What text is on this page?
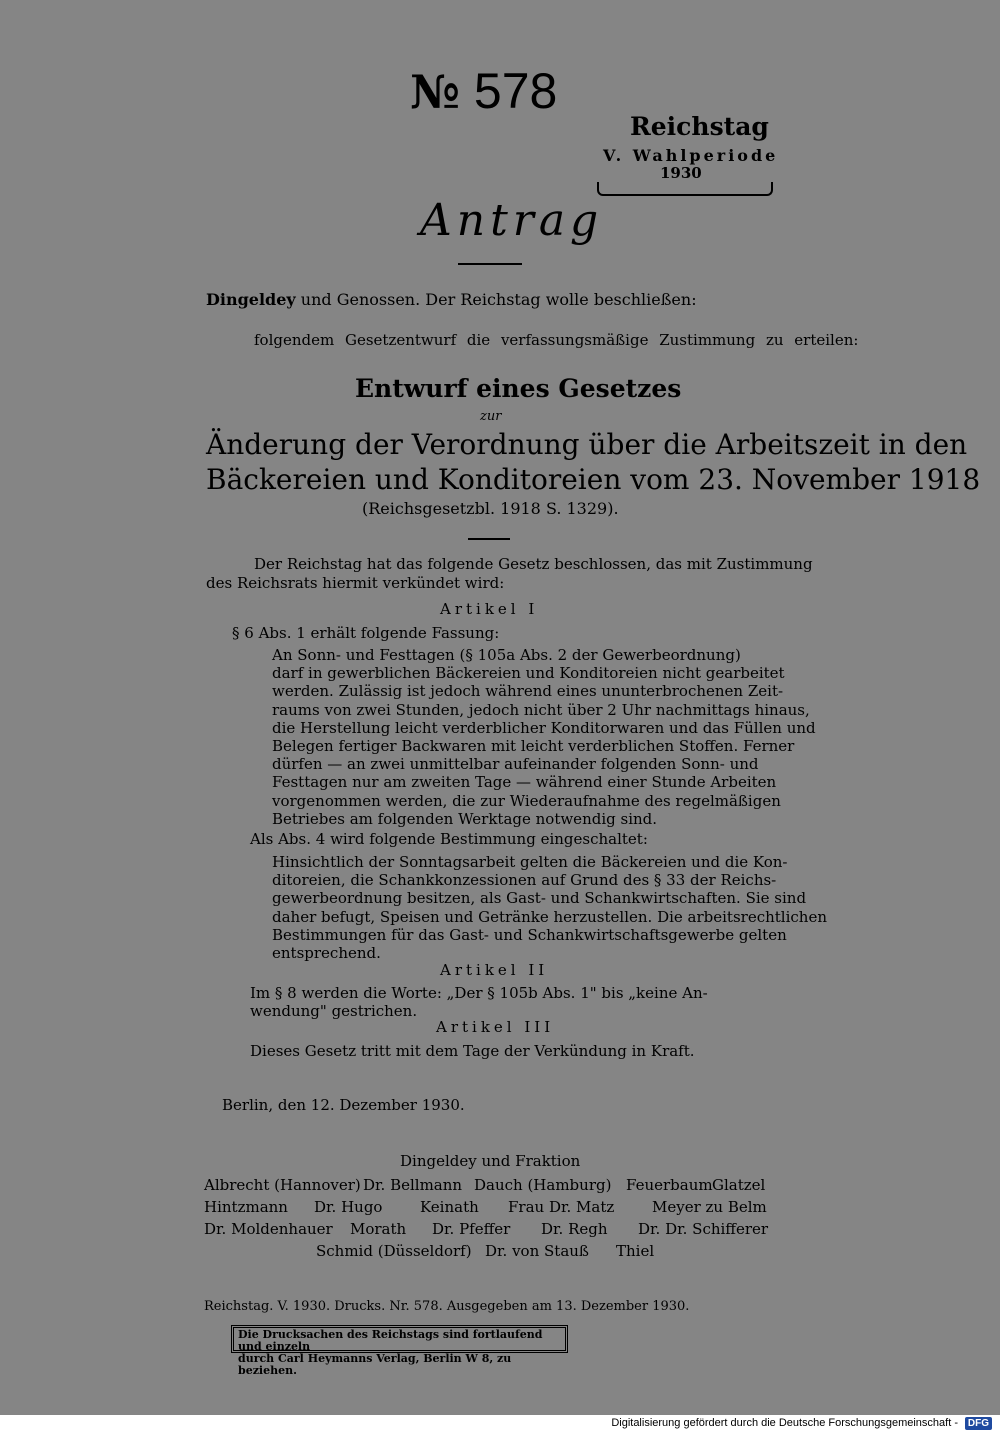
№ 578
Reichstag
V. Wahlperiode
1930
Antrag
Dingeldey und Genossen. Der Reichstag wolle beschließen:
folgendem Gesetzentwurf die verfassungsmäßige Zustimmung zu erteilen:
Entwurf eines Gesetzes
zur
Änderung der Verordnung über die Arbeitszeit in den
Bäckereien und Konditoreien vom 23. November 1918
(Reichsgesetzbl. 1918 S. 1329).
Der Reichstag hat das folgende Gesetz beschlossen, das mit Zustimmung
des Reichsrats hiermit verkündet wird:
Artikel I
§ 6 Abs. 1 erhält folgende Fassung:
An Sonn- und Festtagen (§ 105a Abs. 2 der Gewerbeordnung)
darf in gewerblichen Bäckereien und Konditoreien nicht gearbeitet
werden. Zulässig ist jedoch während eines ununterbrochenen Zeit-
raums von zwei Stunden, jedoch nicht über 2 Uhr nachmittags hinaus,
die Herstellung leicht verderblicher Konditorwaren und das Füllen und
Belegen fertiger Backwaren mit leicht verderblichen Stoffen. Ferner
dürfen — an zwei unmittelbar aufeinander folgenden Sonn- und
Festtagen nur am zweiten Tage — während einer Stunde Arbeiten
vorgenommen werden, die zur Wiederaufnahme des regelmäßigen
Betriebes am folgenden Werktage notwendig sind.
Als Abs. 4 wird folgende Bestimmung eingeschaltet:
Hinsichtlich der Sonntagsarbeit gelten die Bäckereien und die Kon-
ditoreien, die Schankkonzessionen auf Grund des § 33 der Reichs-
gewerbeordnung besitzen, als Gast- und Schankwirtschaften. Sie sind
daher befugt, Speisen und Getränke herzustellen. Die arbeitsrechtlichen
Bestimmungen für das Gast- und Schankwirtschaftsgewerbe gelten
entsprechend.
Artikel II
Im § 8 werden die Worte: „Der § 105b Abs. 1" bis „keine An-
wendung" gestrichen.
Artikel III
Dieses Gesetz tritt mit dem Tage der Verkündung in Kraft.
Berlin, den 12. Dezember 1930.
Dingeldey und Fraktion
Albrecht (Hannover) Dr. Bellmann Dauch (Hamburg) Feuerbaum Glatzel
Hintzmann Dr. Hugo	Keinath Frau Dr. Matz	Meyer zu Belm
Dr. Moldenhauer Morath Dr. Pfeffer Dr. Regh Dr. Dr. Schifferer
Schmid (Düsseldorf) Dr. von Stauß Thiel
Reichstag. V. 1930. Drucks. Nr. 578. Ausgegeben am 13. Dezember 1930.
Die Drucksachen des Reichstags sind fortlaufend und einzeln
durch Carl Heymanns Verlag, Berlin W 8, zu beziehen.
Digitalisierung gefördert durch die Deutsche Forschungsgemeinschaft - DFG
